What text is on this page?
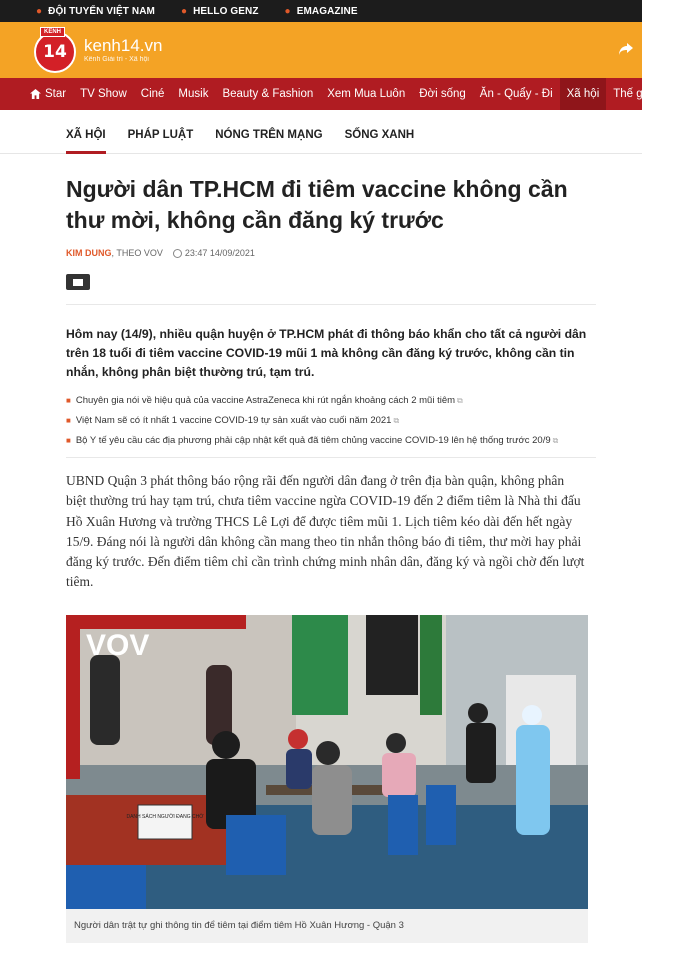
● ĐỘI TUYỂN VIỆT NAM	● HELLO GENZ	● EMAGAZINE
14
KÊNH
kenh14.vn
Kênh Giải trí - Xã hội
Star TV Show Ciné Musik Beauty & Fashion Xem Mua Luôn Đời sống Ăn - Quẩy - Đi Xã hội Thế giới S
XÃ HỘI PHÁP LUẬT NÓNG TRÊN MẠNG SỐNG XANH
Người dân TP.HCM đi tiêm vaccine không cần thư mời, không cần đăng ký trước
KIM DUNG , THEO VOV 23:47 14/09/2021
Hôm nay (14/9), nhiều quận huyện ở TP.HCM phát đi thông báo khẩn cho tất cả người dân trên 18 tuổi đi tiêm vaccine COVID-19 mũi 1 mà không cần đăng ký trước, không cần tin nhắn, không phân biệt thường trú, tạm trú.
■ Chuyên gia nói về hiệu quả của vaccine AstraZeneca khi rút ngắn khoảng cách 2 mũi tiêm ⧉
■ Việt Nam sẽ có ít nhất 1 vaccine COVID-19 tự sản xuất vào cuối năm 2021 ⧉
■ Bộ Y tế yêu cầu các địa phương phải cập nhật kết quả đã tiêm chủng vaccine COVID-19 lên hệ thống trước 20/9 ⧉

UBND Quận 3 phát thông báo rộng rãi đến người dân đang ở trên địa bàn quận, không phân biệt thường trú hay tạm trú, chưa tiêm vaccine ngừa COVID-19 đến 2 điểm tiêm là Nhà thi đấu Hồ Xuân Hương và trường THCS Lê Lợi để được tiêm mũi 1. Lịch tiêm kéo dài đến hết ngày 15/9. Đáng nói là người dân không cần mang theo tin nhắn thông báo đi tiêm, thư mời hay phải đăng ký trước. Đến điểm tiêm chỉ cần trình chứng minh nhân dân, đăng ký và ngồi chờ đến lượt tiêm.

VOV
DANH SÁCH NGƯỜI ĐANG CHỜ
Người dân trật tự ghi thông tin để tiêm tại điểm tiêm Hồ Xuân Hương - Quận 3
